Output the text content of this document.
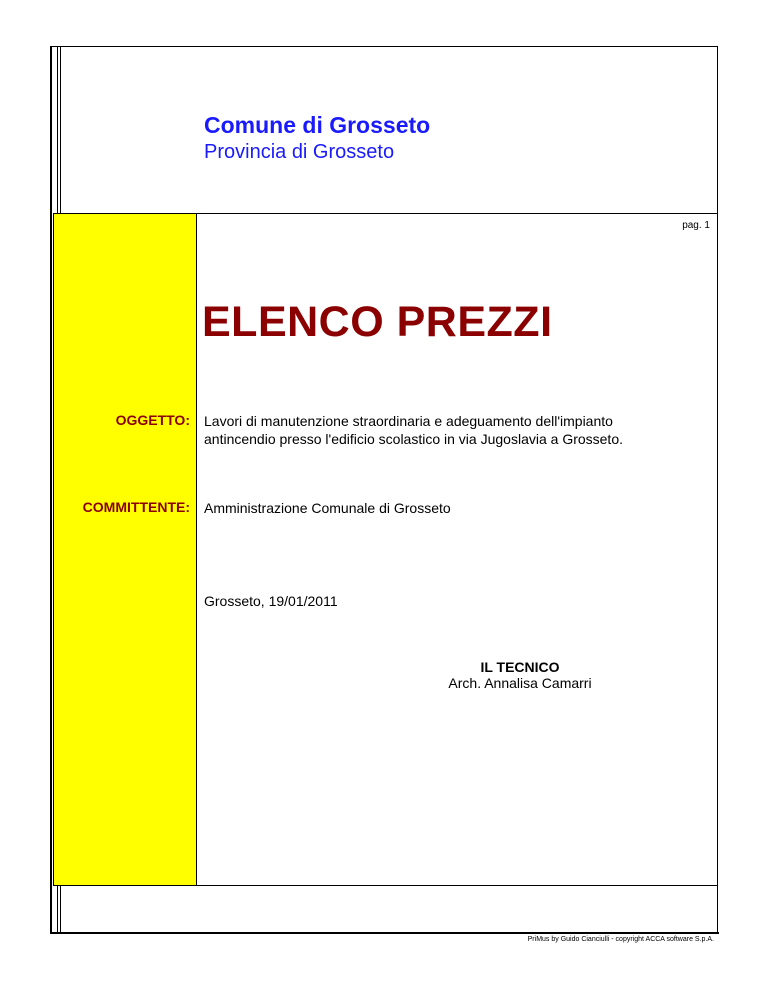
Comune di Grosseto
Provincia di Grosseto
pag. 1
ELENCO PREZZI
OGGETTO: Lavori di manutenzione straordinaria e adeguamento dell'impianto
antincendio presso l'edificio scolastico in via Jugoslavia a Grosseto.
COMMITTENTE: Amministrazione Comunale di Grosseto
Grosseto, 19/01/2011
IL TECNICO
Arch. Annalisa Camarri
PriMus by Guido Cianciulli - copyright ACCA software S.p.A.
